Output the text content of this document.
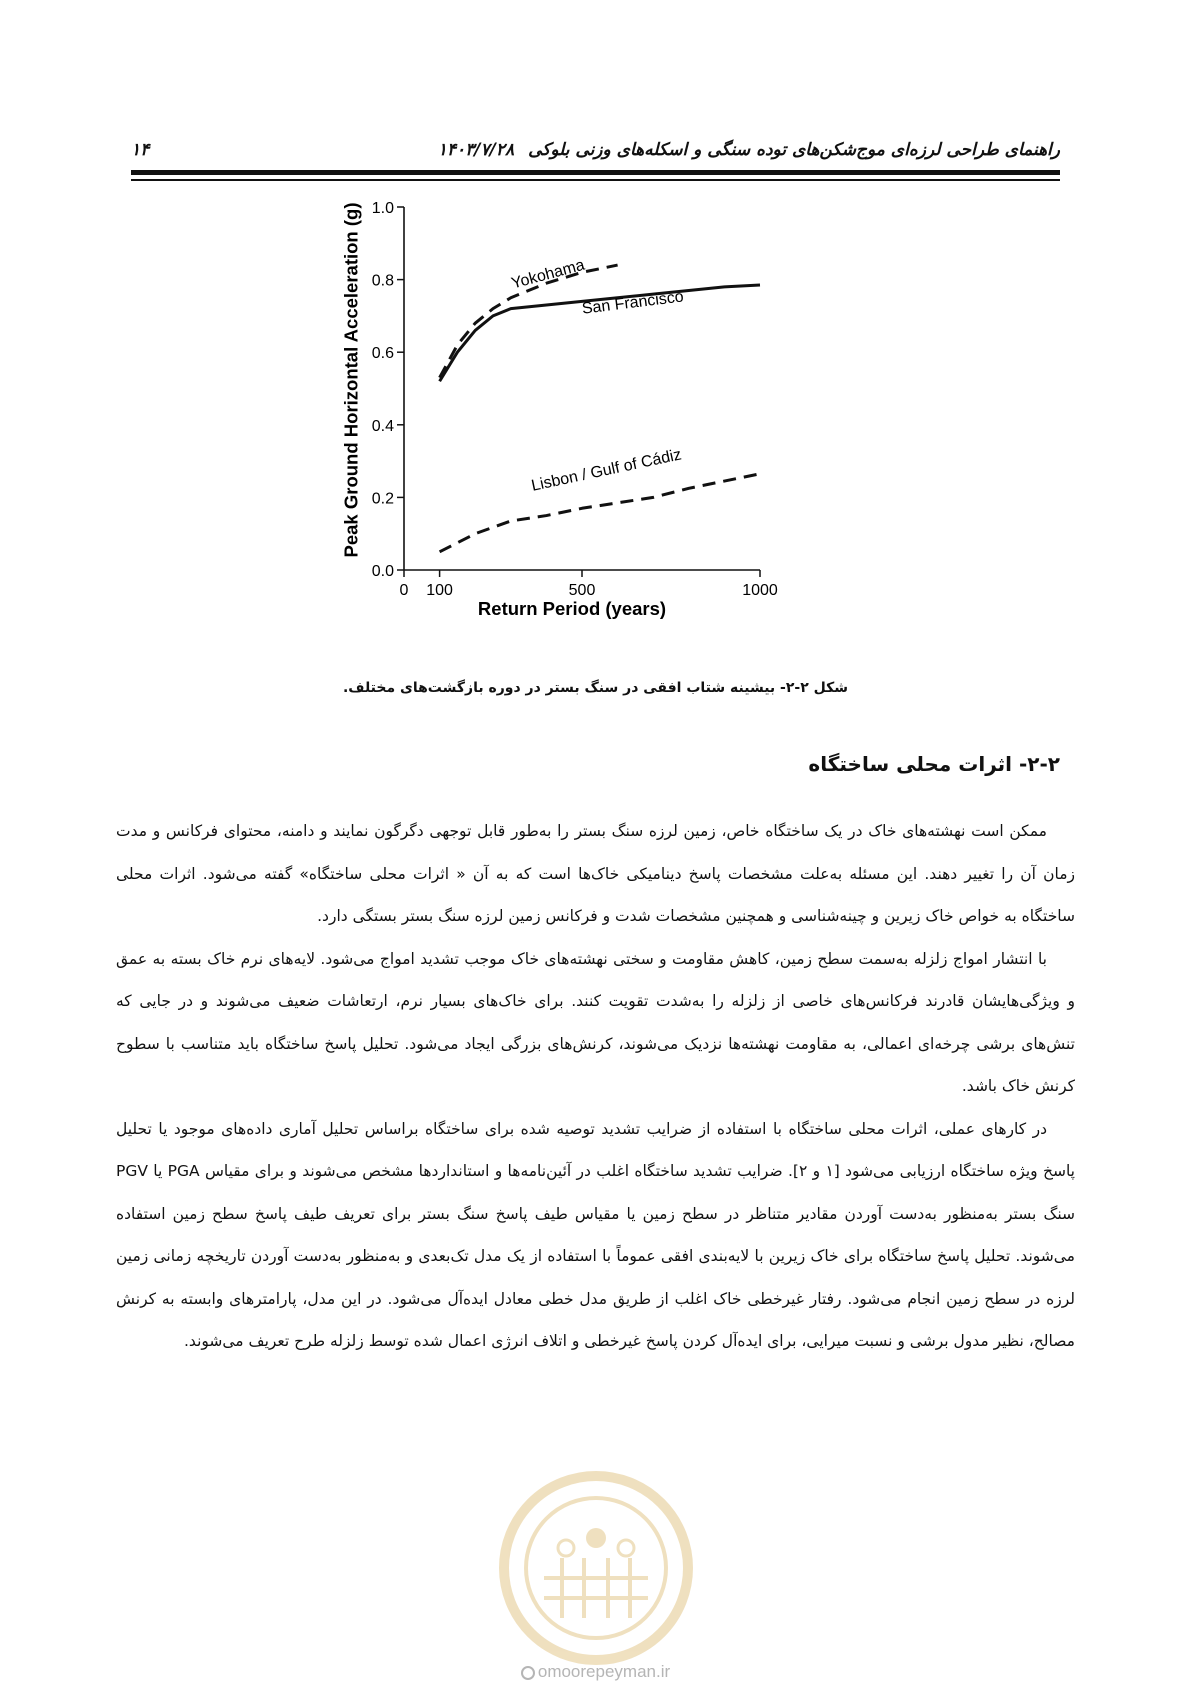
راهنمای طراحی لرزه‌ای موج‌شکن‌های توده سنگی و اسکله‌های وزنی بلوکی
۱۴۰۳/۷/۲۸
۱۴
Peak Ground Horizontal Acceleration (g)
Return Period (years)
0.0
0.2
0.4
0.6
0.8
1.0
0 100	500	1000
San Francisco
Yokohama
Lisbon / Gulf of Cádiz
شکل ۲-۲- بیشینه شتاب افقی در سنگ بستر در دوره بازگشت‌های مختلف.
۲-۲- اثرات محلی ساختگاه

ممکن است نهشته‌های خاک در یک ساختگاه خاص، زمین لرزه سنگ بستر را به‌طور قابل توجهی دگرگون نمایند و دامنه، محتوای فرکانس و مدت زمان آن را تغییر دهند. این مسئله به‌علت مشخصات پاسخ دینامیکی خاک‌ها است که به آن « اثرات محلی ساختگاه» گفته می‌شود. اثرات محلی ساختگاه به خواص خاک زیرین و چینه‌شناسی و همچنین مشخصات شدت و فرکانس زمین لرزه سنگ بستر بستگی دارد.

با انتشار امواج زلزله به‌سمت سطح زمین، کاهش مقاومت و سختی نهشته‌های خاک موجب تشدید امواج می‌شود. لایه‌های نرم خاک بسته به عمق و ویژگی‌هایشان قادرند فرکانس‌های خاصی از زلزله را به‌شدت تقویت کنند. برای خاک‌های بسیار نرم، ارتعاشات ضعیف می‌شوند و در جایی که تنش‌های برشی چرخه‌ای اعمالی، به مقاومت نهشته‌ها نزدیک می‌شوند، کرنش‌های بزرگی ایجاد می‌شود. تحلیل پاسخ ساختگاه باید متناسب با سطوح کرنش خاک باشد.

در کارهای عملی، اثرات محلی ساختگاه با استفاده از ضرایب تشدید توصیه شده برای ساختگاه براساس تحلیل آماری داده‌های موجود یا تحلیل پاسخ ویژه ساختگاه ارزیابی می‌شود [۱ و ۲]. ضرایب تشدید ساختگاه اغلب در آئین‌نامه‌ها و استانداردها مشخص می‌شوند و برای مقیاس PGA یا PGV سنگ بستر به‌منظور به‌دست آوردن مقادیر متناظر در سطح زمین یا مقیاس طیف پاسخ سنگ بستر برای تعریف طیف پاسخ سطح زمین استفاده می‌شوند. تحلیل پاسخ ساختگاه برای خاک زیرین با لایه‌بندی افقی عموماً با استفاده از یک مدل تک‌بعدی و به‌منظور به‌دست آوردن تاریخچه زمانی زمین لرزه در سطح زمین انجام می‌شود. رفتار غیرخطی خاک اغلب از طریق مدل خطی معادل ایده‌آل می‌شود. در این مدل، پارامترهای وابسته به کرنش مصالح، نظیر مدول برشی و نسبت میرایی، برای ایده‌آل کردن پاسخ غیرخطی و اتلاف انرژی اعمال شده توسط زلزله طرح تعریف می‌شوند.

omoorepeyman.ir
